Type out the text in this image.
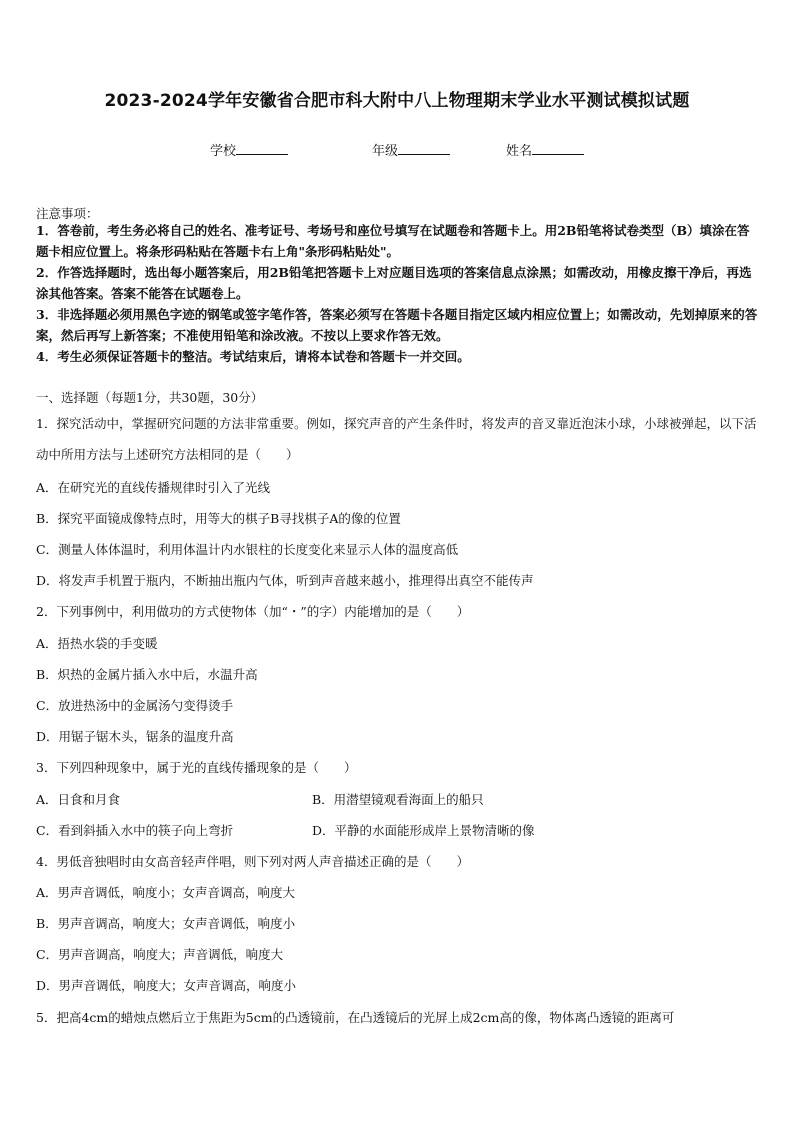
2023-2024学年安徽省合肥市科大附中八上物理期末学业水平测试模拟试题
学校	年级	姓名
注意事项：
1．答卷前，考生务必将自己的姓名、准考证号、考场号和座位号填写在试题卷和答题卡上。用2B铅笔将试卷类型（B）填涂在答题卡相应位置上。将条形码粘贴在答题卡右上角"条形码粘贴处"。
2．作答选择题时，选出每小题答案后，用2B铅笔把答题卡上对应题目选项的答案信息点涂黑；如需改动，用橡皮擦干净后，再选涂其他答案。答案不能答在试题卷上。
3．非选择题必须用黑色字迹的钢笔或签字笔作答，答案必须写在答题卡各题目指定区域内相应位置上；如需改动，先划掉原来的答案，然后再写上新答案；不准使用铅笔和涂改液。不按以上要求作答无效。
4．考生必须保证答题卡的整洁。考试结束后，请将本试卷和答题卡一并交回。
一、选择题（每题1分，共30题，30分）
1．探究活动中，掌握研究问题的方法非常重要。例如，探究声音的产生条件时，将发声的音叉靠近泡沫小球，小球被弹起，以下活动中所用方法与上述研究方法相同的是（　　）
A．在研究光的直线传播规律时引入了光线
B．探究平面镜成像特点时，用等大的棋子B寻找棋子A的像的位置
C．测量人体体温时，利用体温计内水银柱的长度变化来显示人体的温度高低
D．将发声手机置于瓶内，不断抽出瓶内气体，听到声音越来越小，推理得出真空不能传声
2．下列事例中，利用做功的方式使物体（加“・”的字）内能增加的是（　　）
A．捂热水袋的手变暖
B．炽热的金属片插入水中后，水温升高
C．放进热汤中的金属汤勺变得烫手
D．用锯子锯木头，锯条的温度升高
3．下列四种现象中，属于光的直线传播现象的是（　　）
A．日食和月食	B．用潜望镜观看海面上的船只
C．看到斜插入水中的筷子向上弯折	D．平静的水面能形成岸上景物清晰的像
4．男低音独唱时由女高音轻声伴唱，则下列对两人声音描述正确的是（　　）
A．男声音调低，响度小；女声音调高，响度大
B．男声音调高，响度大；女声音调低，响度小
C．男声音调高，响度大；声音调低，响度大
D．男声音调低，响度大；女声音调高，响度小
5．把高4cm的蜡烛点燃后立于焦距为5cm的凸透镜前，在凸透镜后的光屏上成2cm高的像，物体离凸透镜的距离可
